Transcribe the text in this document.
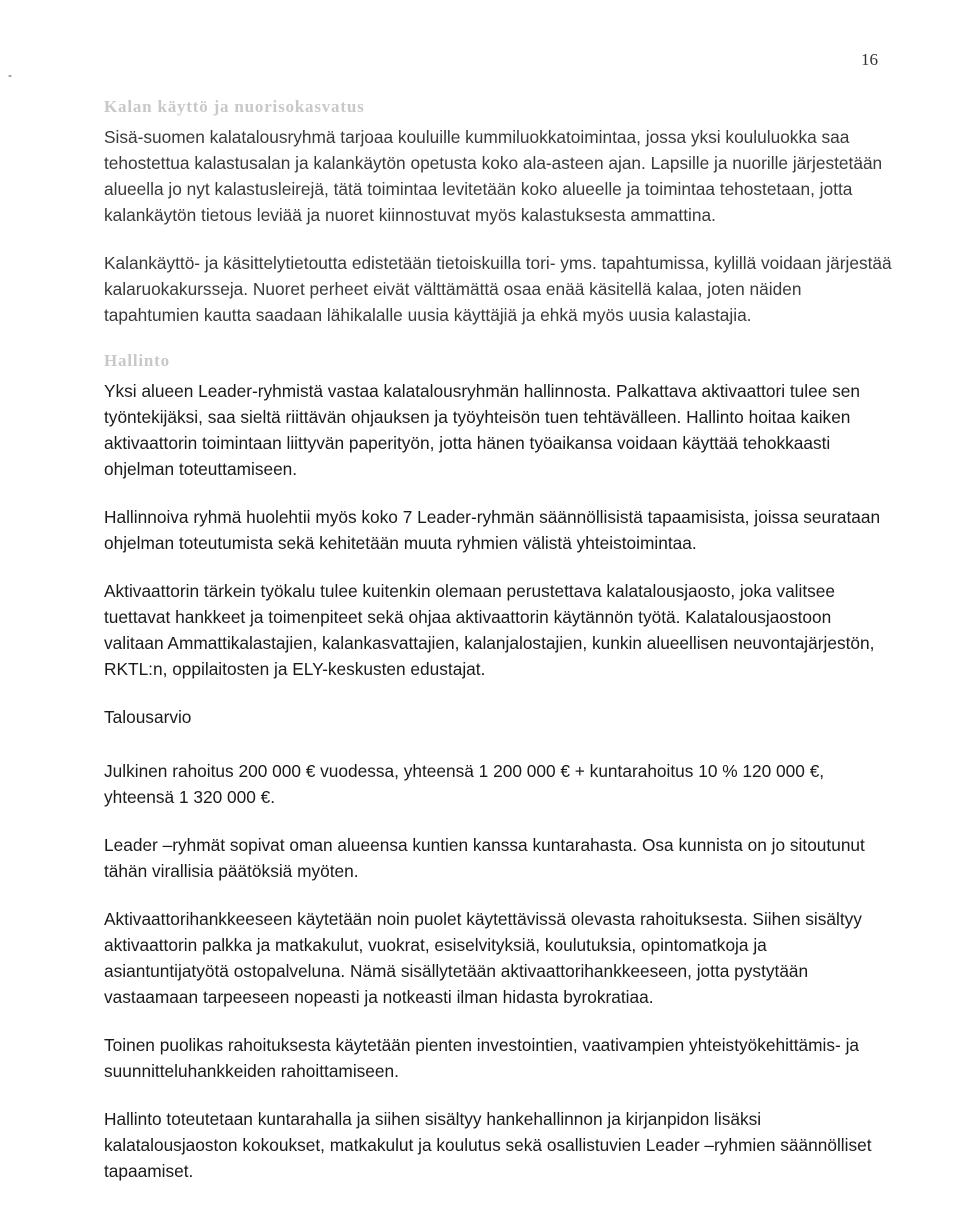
-
16
Kalan käyttö ja nuorisokasvatus

Sisä-suomen kalatalousryhmä tarjoaa kouluille kummiluokkatoimintaa, jossa yksi koululuokka saa tehostettua kalastusalan ja kalankäytön opetusta koko ala-asteen ajan. Lapsille ja nuorille järjestetään alueella jo nyt kalastusleirejä, tätä toimintaa levitetään koko alueelle ja toimintaa tehostetaan, jotta kalankäytön tietous leviää ja nuoret kiinnostuvat myös kalastuksesta ammattina.

Kalankäyttö- ja käsittelytietoutta edistetään tietoiskuilla tori- yms. tapahtumissa, kylillä voidaan järjestää kalaruokakursseja. Nuoret perheet eivät välttämättä osaa enää käsitellä kalaa, joten näiden tapahtumien kautta saadaan lähikalalle uusia käyttäjiä ja ehkä myös uusia kalastajia.

Hallinto

Yksi alueen Leader-ryhmistä vastaa kalatalousryhmän hallinnosta. Palkattava aktivaattori tulee sen työntekijäksi, saa sieltä riittävän ohjauksen ja työyhteisön tuen tehtävälleen. Hallinto hoitaa kaiken aktivaattorin toimintaan liittyvän paperityön, jotta hänen työaikansa voidaan käyttää tehokkaasti ohjelman toteuttamiseen.

Hallinnoiva ryhmä huolehtii myös koko 7 Leader-ryhmän säännöllisistä tapaamisista, joissa seurataan ohjelman toteutumista sekä kehitetään muuta ryhmien välistä yhteistoimintaa.

Aktivaattorin tärkein työkalu tulee kuitenkin olemaan perustettava kalatalousjaosto, joka valitsee tuettavat hankkeet ja toimenpiteet sekä ohjaa aktivaattorin käytännön työtä. Kalatalousjaostoon valitaan Ammattikalastajien, kalankasvattajien, kalanjalostajien, kunkin alueellisen neuvontajärjestön, RKTL:n, oppilaitosten ja ELY-keskusten edustajat.

Talousarvio

Julkinen rahoitus 200 000 € vuodessa, yhteensä 1 200 000 € + kuntarahoitus 10 % 120 000 €, yhteensä 1 320 000 €.

Leader –ryhmät sopivat oman alueensa kuntien kanssa kuntarahasta. Osa kunnista on jo sitoutunut tähän virallisia päätöksiä myöten.

Aktivaattorihankkeeseen käytetään noin puolet käytettävissä olevasta rahoituksesta. Siihen sisältyy aktivaattorin palkka ja matkakulut, vuokrat, esiselvityksiä, koulutuksia, opintomatkoja ja asiantuntijatyötä ostopalveluna. Nämä sisällytetään aktivaattorihankkeeseen, jotta pystytään vastaamaan tarpeeseen nopeasti ja notkeasti ilman hidasta byrokratiaa.

Toinen puolikas rahoituksesta käytetään pienten investointien, vaativampien yhteistyökehittämis- ja suunnitteluhankkeiden rahoittamiseen.

Hallinto toteutetaan kuntarahalla ja siihen sisältyy hankehallinnon ja kirjanpidon lisäksi kalatalousjaoston kokoukset, matkakulut ja koulutus sekä osallistuvien Leader –ryhmien säännölliset tapaamiset.
